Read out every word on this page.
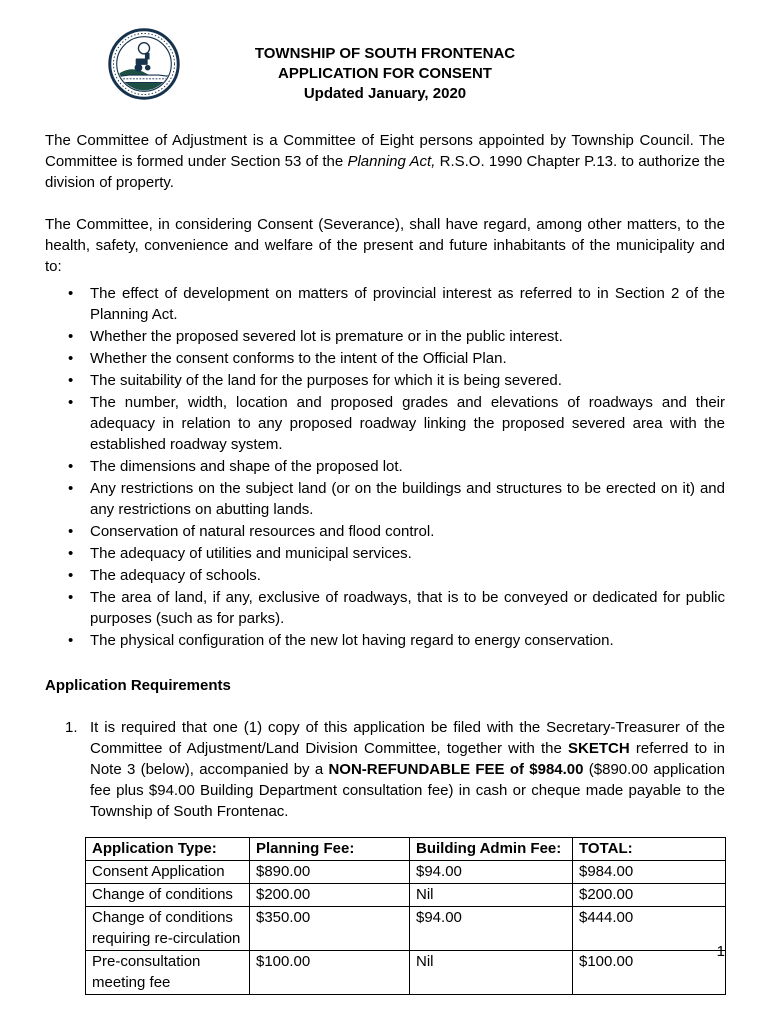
TOWNSHIP OF SOUTH FRONTENAC
APPLICATION FOR CONSENT
Updated January, 2020

The Committee of Adjustment is a Committee of Eight persons appointed by Township Council. The Committee is formed under Section 53 of the Planning Act, R.S.O. 1990 Chapter P.13. to authorize the division of property.

The Committee, in considering Consent (Severance), shall have regard, among other matters, to the health, safety, convenience and welfare of the present and future inhabitants of the municipality and to:

• The effect of development on matters of provincial interest as referred to in Section 2 of the Planning Act.
• Whether the proposed severed lot is premature or in the public interest.
• Whether the consent conforms to the intent of the Official Plan.
• The suitability of the land for the purposes for which it is being severed.
• The number, width, location and proposed grades and elevations of roadways and their adequacy in relation to any proposed roadway linking the proposed severed area with the established roadway system.
• The dimensions and shape of the proposed lot.
• Any restrictions on the subject land (or on the buildings and structures to be erected on it) and any restrictions on abutting lands.
• Conservation of natural resources and flood control.
• The adequacy of utilities and municipal services.
• The adequacy of schools.
• The area of land, if any, exclusive of roadways, that is to be conveyed or dedicated for public purposes (such as for parks).
• The physical configuration of the new lot having regard to energy conservation.
Application Requirements
1. It is required that one (1) copy of this application be filed with the Secretary-Treasurer of the Committee of Adjustment/Land Division Committee, together with the SKETCH referred to in Note 3 (below), accompanied by a NON-REFUNDABLE FEE of $984.00 ($890.00 application fee plus $94.00 Building Department consultation fee) in cash or cheque made payable to the Township of South Frontenac.
Application Type:	Planning Fee:	Building Admin Fee:	TOTAL:
Consent Application	$890.00	$94.00	$984.00
Change of conditions	$200.00	Nil	$200.00
Change of conditions requiring re-circulation	$350.00	$94.00	$444.00
Pre-consultation meeting fee	$100.00	Nil	$100.00
1
